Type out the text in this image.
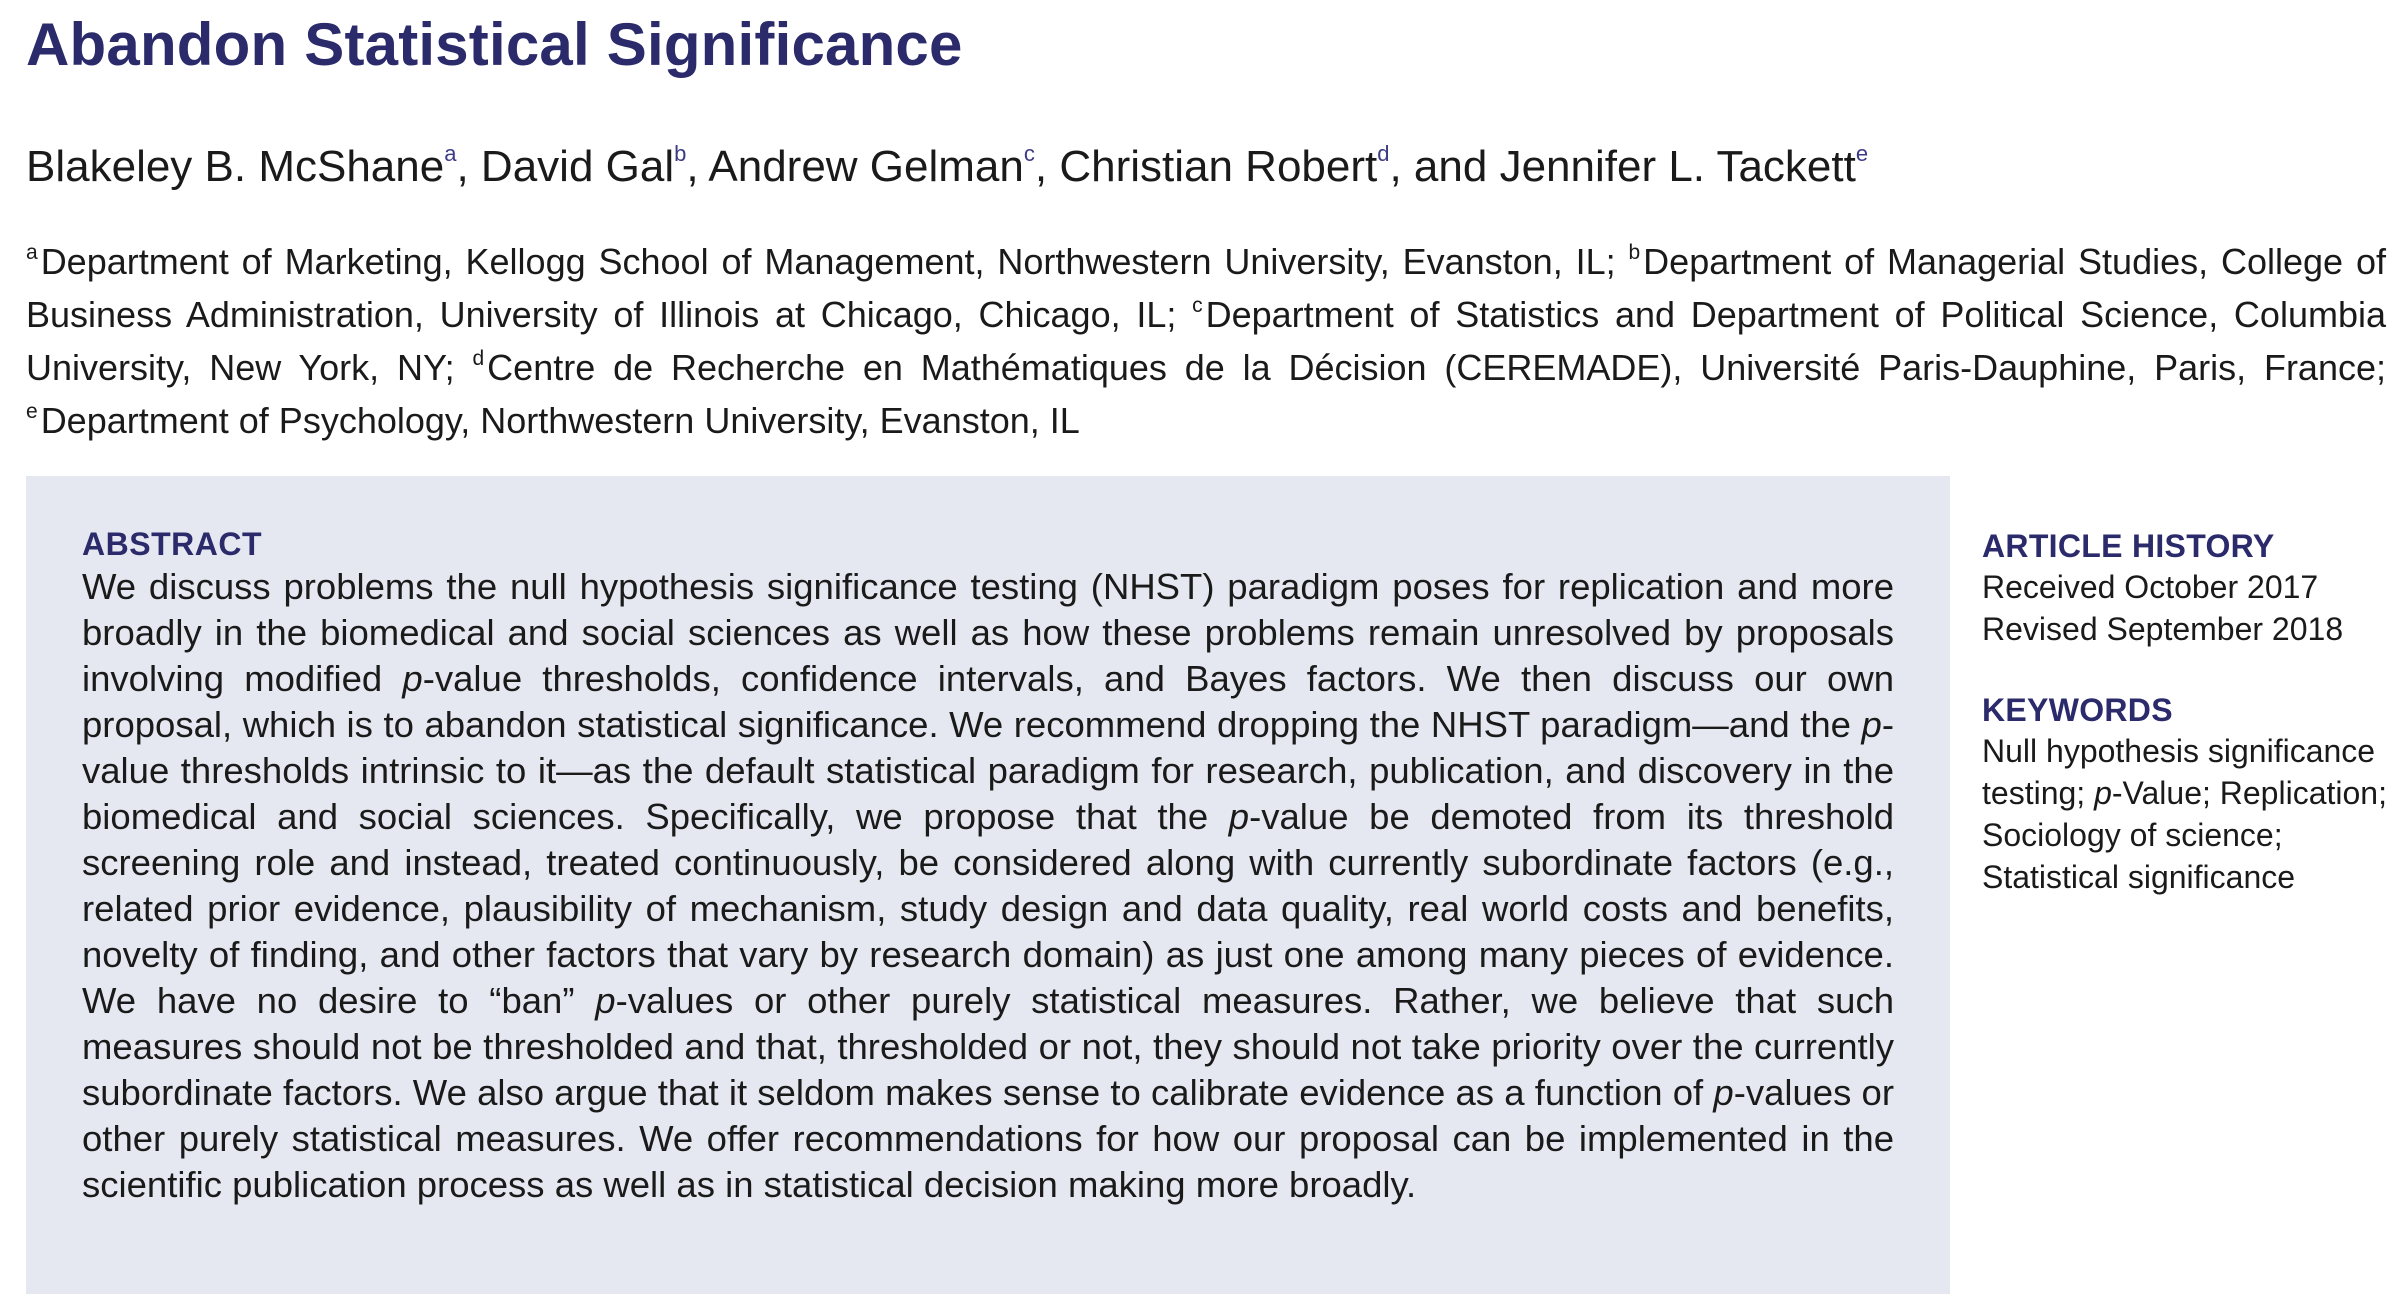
Abandon Statistical Significance
Blakeley B. McShane$^a$, David Gal$^b$, Andrew Gelman$^c$, Christian Robert$^d$, and Jennifer L. Tackett$^e$
$^a$Department of Marketing, Kellogg School of Management, Northwestern University, Evanston, IL; $^b$Department of Managerial Studies, College of Business Administration, University of Illinois at Chicago, Chicago, IL; $^c$Department of Statistics and Department of Political Science, Columbia University, New York, NY; $^d$Centre de Recherche en Mathématiques de la Décision (CEREMADE), Université Paris-Dauphine, Paris, France; $^e$Department of Psychology, Northwestern University, Evanston, IL
ABSTRACT
We discuss problems the null hypothesis significance testing (NHST) paradigm poses for replication and more broadly in the biomedical and social sciences as well as how these problems remain unresolved by proposals involving modified p-value thresholds, confidence intervals, and Bayes factors. We then discuss our own proposal, which is to abandon statistical significance. We recommend dropping the NHST paradigm—and the p-value thresholds intrinsic to it—as the default statistical paradigm for research, publication, and discovery in the biomedical and social sciences. Specifically, we propose that the p-value be demoted from its threshold screening role and instead, treated continuously, be considered along with currently subordinate factors (e.g., related prior evidence, plausibility of mechanism, study design and data quality, real world costs and benefits, novelty of finding, and other factors that vary by research domain) as just one among many pieces of evidence. We have no desire to “ban” p-values or other purely statistical measures. Rather, we believe that such measures should not be thresholded and that, thresholded or not, they should not take priority over the currently subordinate factors. We also argue that it seldom makes sense to calibrate evidence as a function of p-values or other purely statistical measures. We offer recommendations for how our proposal can be implemented in the scientific publication process as well as in statistical decision making more broadly.
ARTICLE HISTORY
Received October 2017
Revised September 2018
KEYWORDS
Null hypothesis significance testing; p-Value; Replication; Sociology of science; Statistical significance
